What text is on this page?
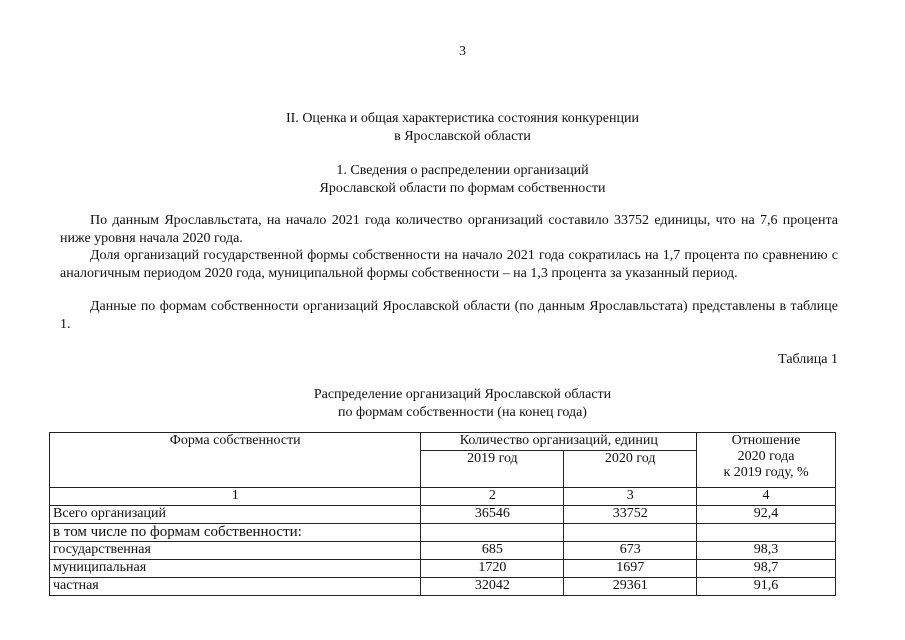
3
II. Оценка и общая характеристика состояния конкуренции
в Ярославской области
1. Сведения о распределении организаций
Ярославской области по формам собственности

По данным Ярославльстата, на начало 2021 года количество организаций составило 33752 единицы, что на 7,6 процента ниже уровня начала 2020 года.

Доля организаций государственной формы собственности на начало 2021 года сократилась на 1,7 процента по сравнению с аналогичным периодом 2020 года, муниципальной формы собственности – на 1,3 процента за указанный период.

Данные по формам собственности организаций Ярославской области (по данным Ярославльстата) представлены в таблице 1.

Таблица 1
Распределение организаций Ярославской области
по формам собственности (на конец года)
Форма собственности	Количество организаций, единиц		Отношение
2020 года
к 2019 году, %

	2019 год	2020 год	
1	2	3	4
Всего организаций	36546	33752	92,4
в том числе по формам собственности:			
государственная	685	673	98,3
муниципальная	1720	1697	98,7
частная	32042	29361	91,6
